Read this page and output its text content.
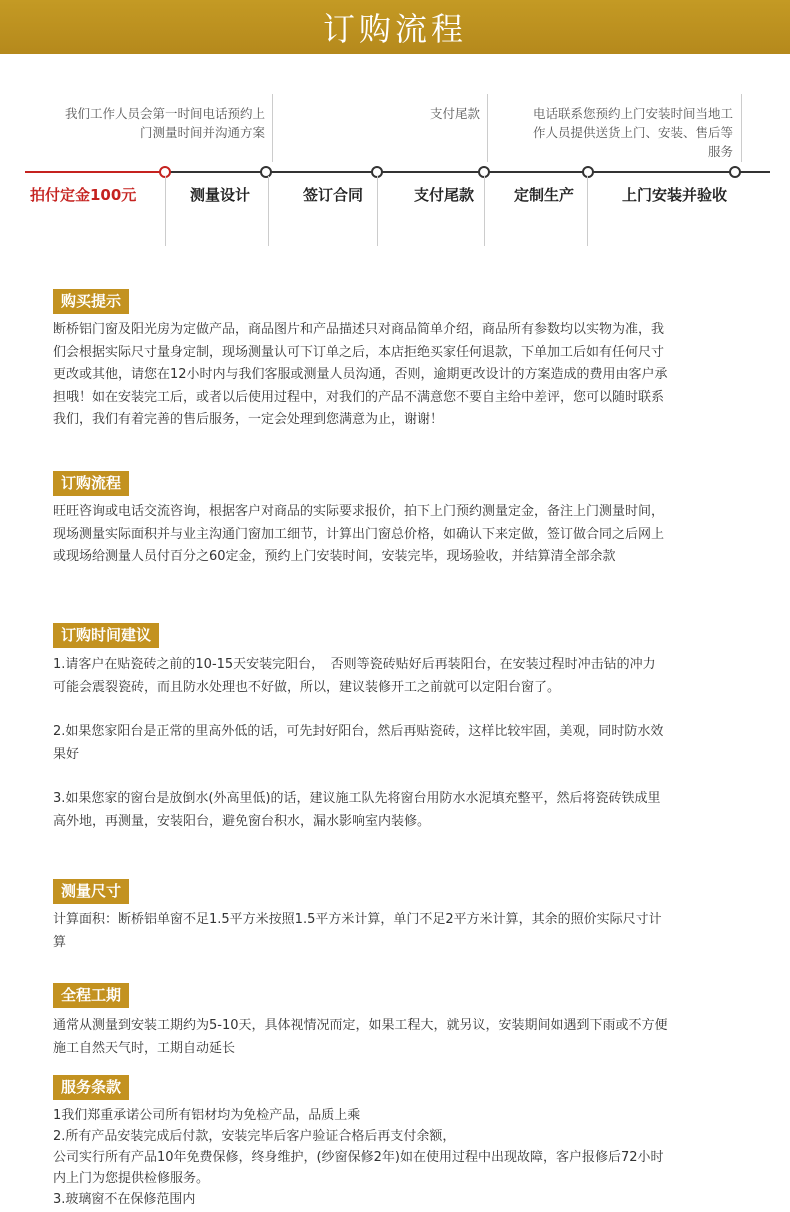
订购流程
我们工作人员会第一时间电话预约上门测量时间并沟通方案
支付尾款	电话联系您预约上门安装时间当地工作人员提供送货上门、安装、售后等服务
拍付定金100元	测量设计	签订合同	支付尾款	定制生产	上门安装并验收
购买提示
断桥铝门窗及阳光房为定做产品，商品图片和产品描述只对商品简单介绍，商品所有参数均以实物为准，我们会根据实际尺寸量身定制，现场测量认可下订单之后，本店拒绝买家任何退款，下单加工后如有任何尺寸更改或其他，请您在12小时内与我们客服或测量人员沟通，否则，逾期更改设计的方案造成的费用由客户承担哦！如在安装完工后，或者以后使用过程中，对我们的产品不满意您不要自主给中差评，您可以随时联系我们，我们有着完善的售后服务，一定会处理到您满意为止，谢谢！
订购流程
旺旺咨询或电话交流咨询，根据客户对商品的实际要求报价，拍下上门预约测量定金，备注上门测量时间，现场测量实际面积并与业主沟通门窗加工细节，计算出门窗总价格，如确认下来定做，签订做合同之后网上或现场给测量人员付百分之60定金，预约上门安装时间，安装完毕，现场验收，并结算清全部余款
订购时间建议
1.请客户在贴瓷砖之前的10-15天安装完阳台，　否则等瓷砖贴好后再装阳台，在安装过程时冲击钻的冲力可能会震裂瓷砖，而且防水处理也不好做，所以，建议装修开工之前就可以定阳台窗了。
2.如果您家阳台是正常的里高外低的话，可先封好阳台，然后再贴瓷砖，这样比较牢固，美观，同时防水效果好
3.如果您家的窗台是放倒水(外高里低)的话，建议施工队先将窗台用防水水泥填充整平，然后将瓷砖铁成里高外地，再测量，安装阳台，避免窗台积水，漏水影响室内装修。
测量尺寸
计算面积：断桥铝单窗不足1.5平方米按照1.5平方米计算，单门不足2平方米计算，其余的照价实际尺寸计算
全程工期
通常从测量到安装工期约为5-10天，具体视情况而定，如果工程大，就另议，安装期间如遇到下雨或不方便施工自然天气时，工期自动延长
服务条款
1我们郑重承诺公司所有铝材均为免检产品，品质上乘
2.所有产品安装完成后付款，安装完毕后客户验证合格后再支付余额，
公司实行所有产品10年免费保修，终身维护，(纱窗保修2年)如在使用过程中出现故障，客户报修后72小时内上门为您提供检修服务。
3.玻璃窗不在保修范围内
